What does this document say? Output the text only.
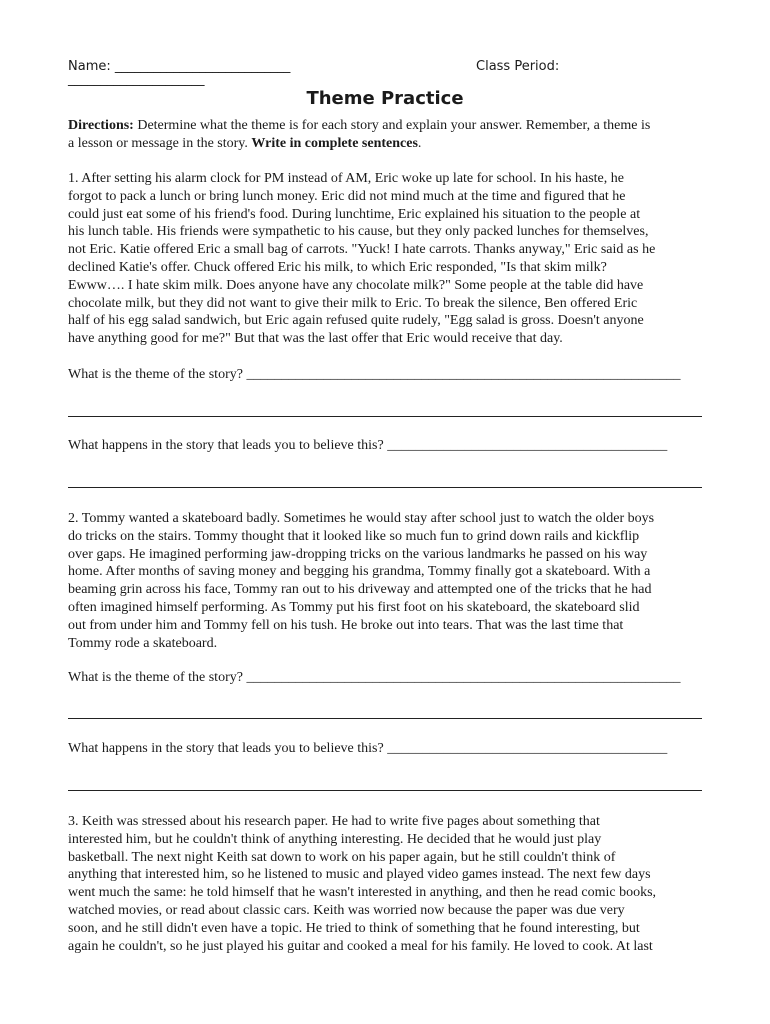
Name: ___________________________	Class Period:
_____________________
Theme Practice
Directions: Determine what the theme is for each story and explain your answer. Remember, a theme is
a lesson or message in the story. Write in complete sentences.
1. After setting his alarm clock for PM instead of AM, Eric woke up late for school. In his haste, he
forgot to pack a lunch or bring lunch money. Eric did not mind much at the time and figured that he
could just eat some of his friend's food. During lunchtime, Eric explained his situation to the people at
his lunch table. His friends were sympathetic to his cause, but they only packed lunches for themselves,
not Eric. Katie offered Eric a small bag of carrots. "Yuck! I hate carrots. Thanks anyway," Eric said as he
declined Katie's offer. Chuck offered Eric his milk, to which Eric responded, "Is that skim milk?
Ewww…. I hate skim milk. Does anyone have any chocolate milk?" Some people at the table did have
chocolate milk, but they did not want to give their milk to Eric. To break the silence, Ben offered Eric
half of his egg salad sandwich, but Eric again refused quite rudely, "Egg salad is gross. Doesn't anyone
have anything good for me?" But that was the last offer that Eric would receive that day.
What is the theme of the story? ______________________________________________________________
What happens in the story that leads you to believe this? ________________________________________
2. Tommy wanted a skateboard badly. Sometimes he would stay after school just to watch the older boys
do tricks on the stairs. Tommy thought that it looked like so much fun to grind down rails and kickflip
over gaps. He imagined performing jaw-dropping tricks on the various landmarks he passed on his way
home. After months of saving money and begging his grandma, Tommy finally got a skateboard. With a
beaming grin across his face, Tommy ran out to his driveway and attempted one of the tricks that he had
often imagined himself performing. As Tommy put his first foot on his skateboard, the skateboard slid
out from under him and Tommy fell on his tush. He broke out into tears. That was the last time that
Tommy rode a skateboard.
What is the theme of the story? ______________________________________________________________
What happens in the story that leads you to believe this? ________________________________________
3. Keith was stressed about his research paper. He had to write five pages about something that
interested him, but he couldn't think of anything interesting. He decided that he would just play
basketball. The next night Keith sat down to work on his paper again, but he still couldn't think of
anything that interested him, so he listened to music and played video games instead. The next few days
went much the same: he told himself that he wasn't interested in anything, and then he read comic books,
watched movies, or read about classic cars. Keith was worried now because the paper was due very
soon, and he still didn't even have a topic. He tried to think of something that he found interesting, but
again he couldn't, so he just played his guitar and cooked a meal for his family. He loved to cook. At last
